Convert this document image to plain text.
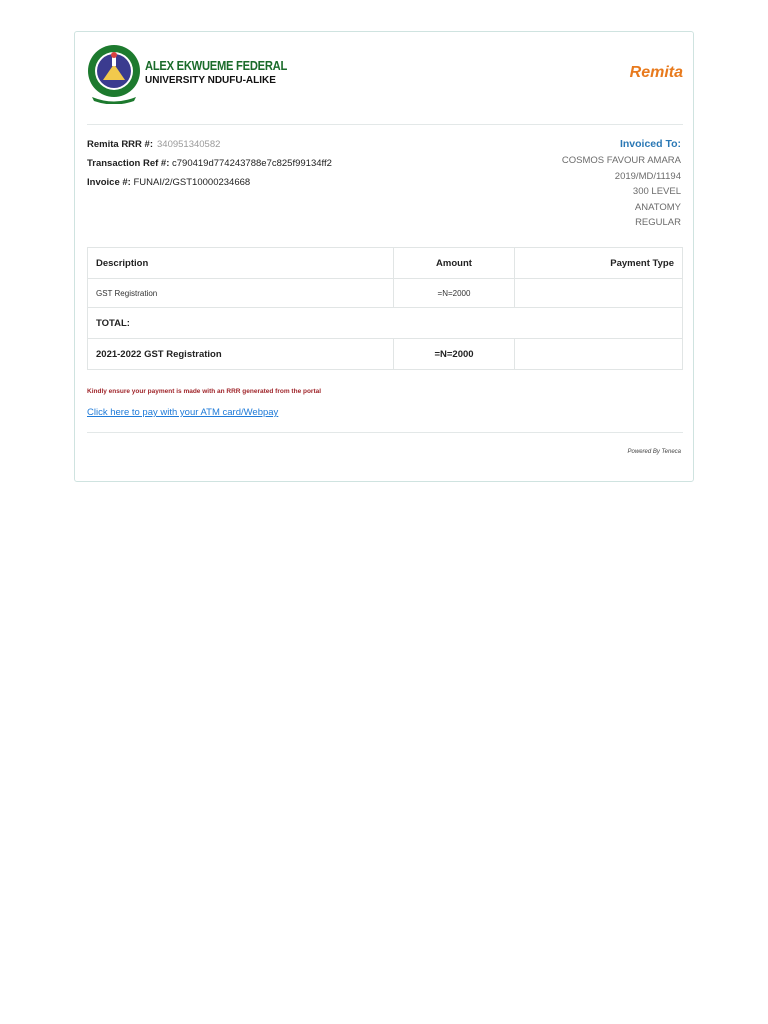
ALEX EKWUEME FEDERAL
UNIVERSITY NDUFU-ALIKE	Remita
Remita RRR #: 340951340582
Transaction Ref #: c790419d774243788e7c825f99134ff2
Invoice #: FUNAI/2/GST10000234668
Invoiced To:
COSMOS FAVOUR AMARA
2019/MD/11194
300 LEVEL
ANATOMY
REGULAR
Description	Amount	Payment Type
GST Registration	=N=2000	
TOTAL:		
2021-2022 GST Registration	=N=2000	
Kindly ensure your payment is made with an RRR generated from the portal
Click here to pay with your ATM card/Webpay
Powered By Teneca
